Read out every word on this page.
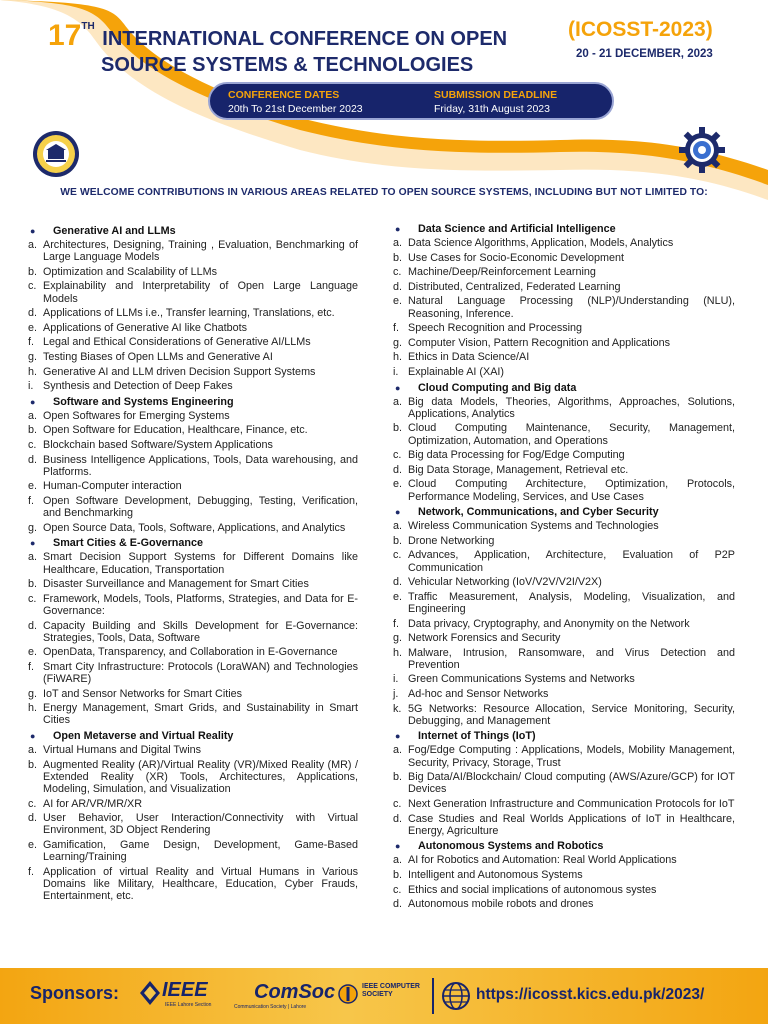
17TH INTERNATIONAL CONFERENCE ON OPEN
SOURCE SYSTEMS & TECHNOLOGIES
(ICOSST-2023)
20 - 21 DECEMBER, 2023
CONFERENCE DATES
20th To 21st December 2023
SUBMISSION DEADLINE
Friday, 31th August 2023
WE WELCOME CONTRIBUTIONS IN VARIOUS AREAS RELATED TO OPEN SOURCE SYSTEMS, INCLUDING BUT NOT LIMITED TO:
●	Generative AI and LLMs
a. Architectures, Designing, Training , Evaluation, Benchmarking of Large Language Models
b. Optimization and Scalability of LLMs
c. Explainability and Interpretability of Open Large Language Models
d. Applications of LLMs i.e., Transfer learning, Translations, etc.
e. Applications of Generative AI like Chatbots
f. Legal and Ethical Considerations of Generative AI/LLMs
g. Testing Biases of Open LLMs and Generative AI
h. Generative AI and LLM driven Decision Support Systems
i. Synthesis and Detection of Deep Fakes
●	Software and Systems Engineering
a. Open Softwares for Emerging Systems
b. Open Software for Education, Healthcare, Finance, etc.
c. Blockchain based Software/System Applications
d. Business Intelligence Applications, Tools, Data warehousing, and Platforms.
e. Human-Computer interaction
f. Open Software Development, Debugging, Testing, Verification, and Benchmarking
g. Open Source Data, Tools, Software, Applications, and Analytics
●	Smart Cities & E-Governance
a. Smart Decision Support Systems for Different Domains like Healthcare, Education, Transportation
b. Disaster Surveillance and Management for Smart Cities
c. Framework, Models, Tools, Platforms, Strategies, and Data for E-Governance:
d. Capacity Building and Skills Development for E-Governance: Strategies, Tools, Data, Software
e. OpenData, Transparency, and Collaboration in E-Governance
f. Smart City Infrastructure: Protocols (LoraWAN) and Technologies (FiWARE)
g. IoT and Sensor Networks for Smart Cities
h. Energy Management, Smart Grids, and Sustainability in Smart Cities
●	Open Metaverse and Virtual Reality
a. Virtual Humans and Digital Twins
b. Augmented Reality (AR)/Virtual Reality (VR)/Mixed Reality (MR) / Extended Reality (XR) Tools, Architectures, Applications, Modeling, Simulation, and Visualization
c. AI for AR/VR/MR/XR
d. User Behavior, User Interaction/Connectivity with Virtual Environment, 3D Object Rendering
e. Gamification, Game Design, Development, Game-Based Learning/Training
f. Application of virtual Reality and Virtual Humans in Various Domains like Military, Healthcare, Education, Cyber Frauds, Entertainment, etc.
●	Data Science and Artificial Intelligence
a. Data Science Algorithms, Application, Models, Analytics
b. Use Cases for Socio-Economic Development
c. Machine/Deep/Reinforcement Learning
d. Distributed, Centralized, Federated Learning
e. Natural Language Processing (NLP)/Understanding (NLU), Reasoning, Inference.
f. Speech Recognition and Processing
g. Computer Vision, Pattern Recognition and Applications
h. Ethics in Data Science/AI
i. Explainable AI (XAI)
●	Cloud Computing and Big data
a. Big data Models, Theories, Algorithms, Approaches, Solutions, Applications, Analytics
b. Cloud Computing Maintenance, Security, Management, Optimization, Automation, and Operations
c. Big data Processing for Fog/Edge Computing
d. Big Data Storage, Management, Retrieval etc.
e. Cloud Computing Architecture, Optimization, Protocols, Performance Modeling, Services, and Use Cases
●	Network, Communications, and Cyber Security
a. Wireless Communication Systems and Technologies
b. Drone Networking
c. Advances, Application, Architecture, Evaluation of P2P Communication
d. Vehicular Networking (IoV/V2V/V2I/V2X)
e. Traffic Measurement, Analysis, Modeling, Visualization, and Engineering
f. Data privacy, Cryptography, and Anonymity on the Network
g. Network Forensics and Security
h. Malware, Intrusion, Ransomware, and Virus Detection and Prevention
i. Green Communications Systems and Networks
j. Ad-hoc and Sensor Networks
k. 5G Networks: Resource Allocation, Service Monitoring, Security, Debugging, and Management
●	Internet of Things (IoT)
a. Fog/Edge Computing : Applications, Models, Mobility Management, Security, Privacy, Storage, Trust
b. Big Data/AI/Blockchain/ Cloud computing (AWS/Azure/GCP) for IOT Devices
c. Next Generation Infrastructure and Communication Protocols for IoT
d. Case Studies and Real Worlds Applications of IoT in Healthcare, Energy, Agriculture
●	Autonomous Systems and Robotics
a. AI for Robotics and Automation: Real World Applications
b. Intelligent and Autonomous Systems
c. Ethics and social implications of autonomous systes
d. Autonomous mobile robots and drones
Sponsors: IEEE
IEEE Lahore Section
ComSoc
Communication Society | Lahore
IEEE COMPUTER SOCIETY	https://icosst.kics.edu.pk/2023/
